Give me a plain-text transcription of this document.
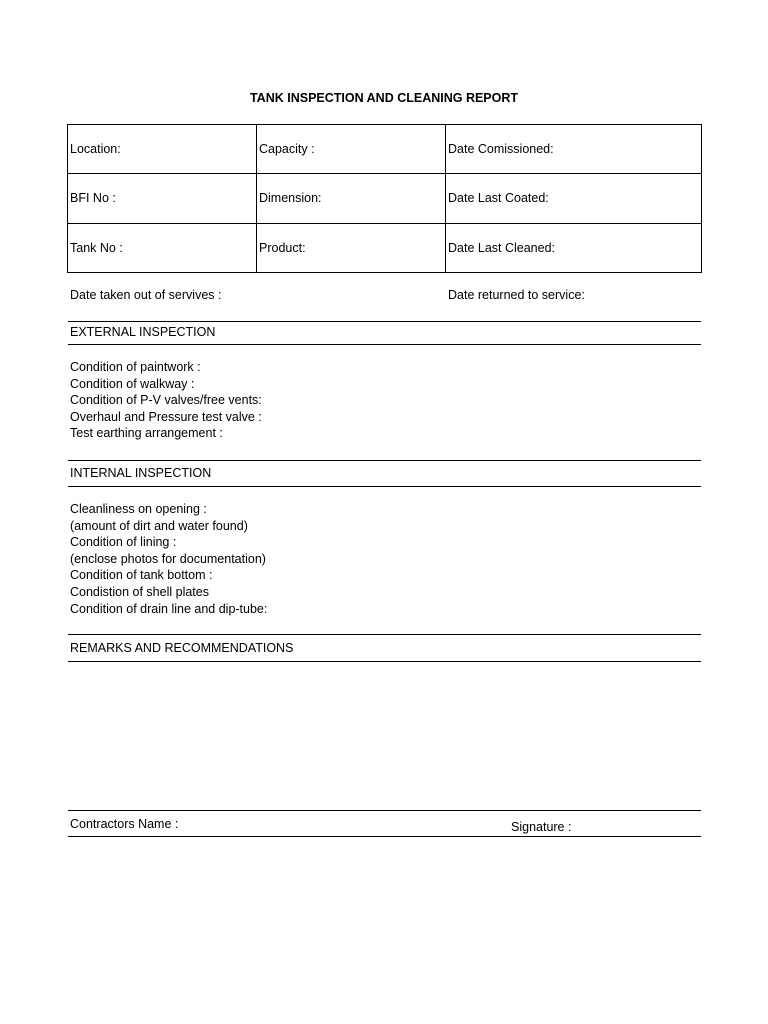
TANK INSPECTION AND CLEANING REPORT
Location:	Capacity :	Date Comissioned:
BFI No :	Dimension:	Date Last Coated:
Tank No :	Product:	Date Last Cleaned:
Date taken out of servives :	Date returned to service:
EXTERNAL INSPECTION
Condition of paintwork :
Condition of walkway :
Condition of P-V valves/free vents:
Overhaul and Pressure test valve :
Test earthing arrangement :
INTERNAL INSPECTION
Cleanliness on opening :
(amount of dirt and water found)
Condition of lining :
(enclose photos for documentation)
Condition of tank bottom :
Condistion of shell plates
Condition of drain line and dip-tube:
REMARKS AND RECOMMENDATIONS
Contractors Name :	Signature :
